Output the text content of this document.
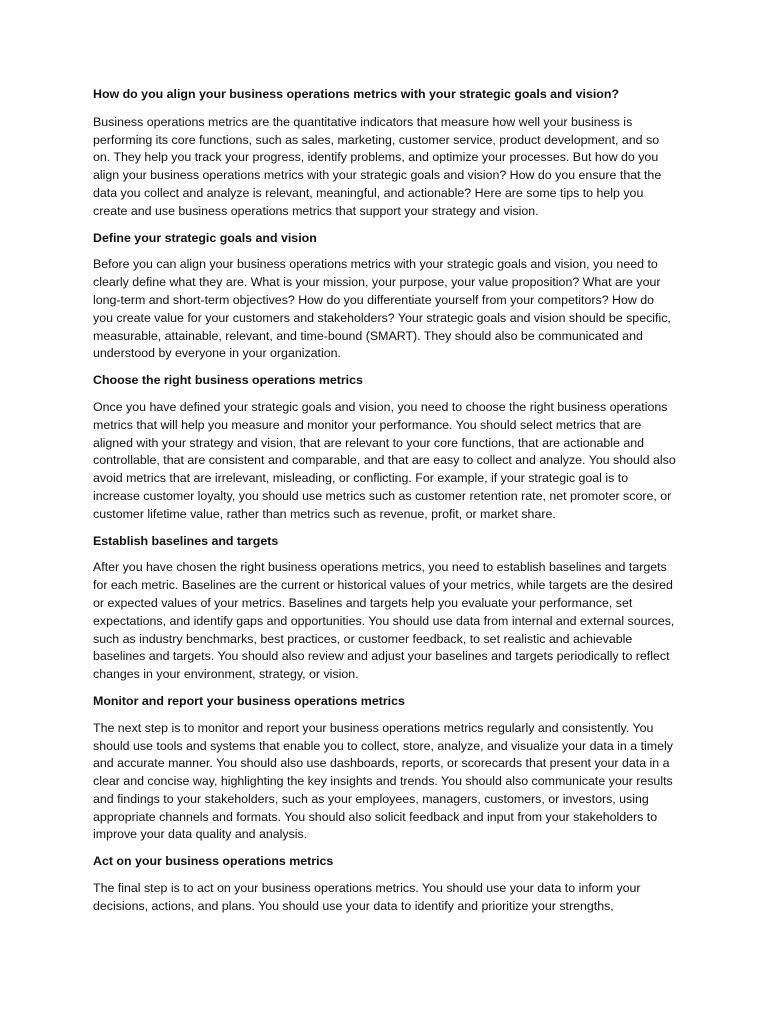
How do you align your business operations metrics with your strategic goals and vision?

Business operations metrics are the quantitative indicators that measure how well your business is performing its core functions, such as sales, marketing, customer service, product development, and so on. They help you track your progress, identify problems, and optimize your processes. But how do you align your business operations metrics with your strategic goals and vision? How do you ensure that the data you collect and analyze is relevant, meaningful, and actionable? Here are some tips to help you create and use business operations metrics that support your strategy and vision.

Define your strategic goals and vision

Before you can align your business operations metrics with your strategic goals and vision, you need to clearly define what they are. What is your mission, your purpose, your value proposition? What are your long-term and short-term objectives? How do you differentiate yourself from your competitors? How do you create value for your customers and stakeholders? Your strategic goals and vision should be specific, measurable, attainable, relevant, and time-bound (SMART). They should also be communicated and understood by everyone in your organization.

Choose the right business operations metrics

Once you have defined your strategic goals and vision, you need to choose the right business operations metrics that will help you measure and monitor your performance. You should select metrics that are aligned with your strategy and vision, that are relevant to your core functions, that are actionable and controllable, that are consistent and comparable, and that are easy to collect and analyze. You should also avoid metrics that are irrelevant, misleading, or conflicting. For example, if your strategic goal is to increase customer loyalty, you should use metrics such as customer retention rate, net promoter score, or customer lifetime value, rather than metrics such as revenue, profit, or market share.

Establish baselines and targets

After you have chosen the right business operations metrics, you need to establish baselines and targets for each metric. Baselines are the current or historical values of your metrics, while targets are the desired or expected values of your metrics. Baselines and targets help you evaluate your performance, set expectations, and identify gaps and opportunities. You should use data from internal and external sources, such as industry benchmarks, best practices, or customer feedback, to set realistic and achievable baselines and targets. You should also review and adjust your baselines and targets periodically to reflect changes in your environment, strategy, or vision.

Monitor and report your business operations metrics

The next step is to monitor and report your business operations metrics regularly and consistently. You should use tools and systems that enable you to collect, store, analyze, and visualize your data in a timely and accurate manner. You should also use dashboards, reports, or scorecards that present your data in a clear and concise way, highlighting the key insights and trends. You should also communicate your results and findings to your stakeholders, such as your employees, managers, customers, or investors, using appropriate channels and formats. You should also solicit feedback and input from your stakeholders to improve your data quality and analysis.

Act on your business operations metrics

The final step is to act on your business operations metrics. You should use your data to inform your decisions, actions, and plans. You should use your data to identify and prioritize your strengths,
